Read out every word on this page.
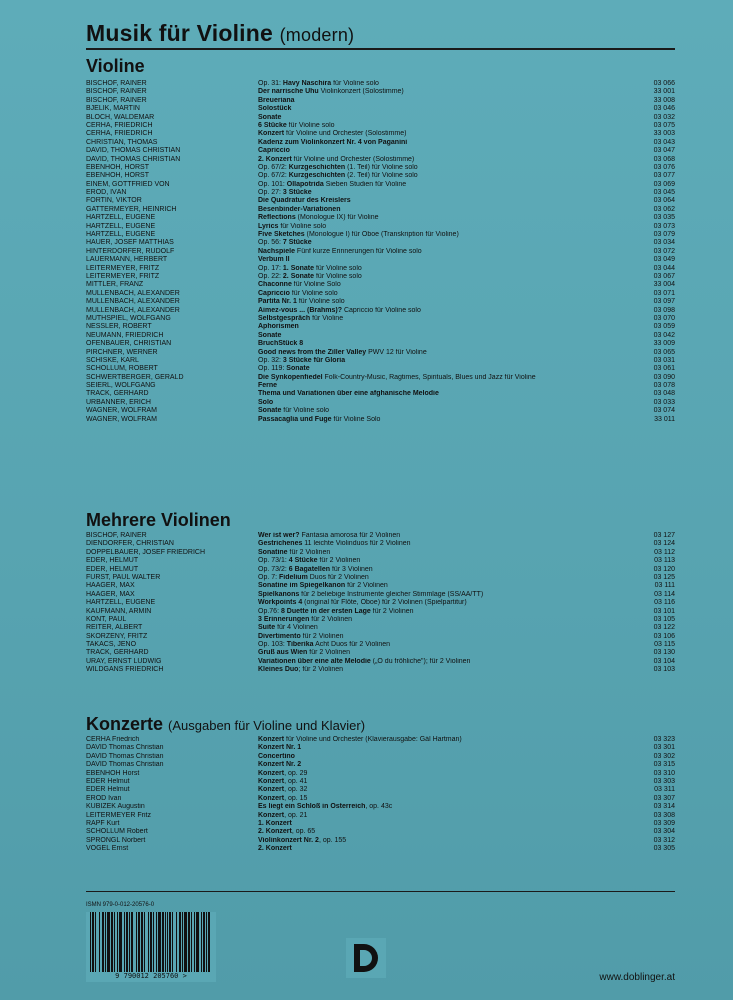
Musik für Violine (modern)
Violine
BISCHOF, RAINER	Op. 31: Havy Naschira für Violine solo	03 066
BISCHOF, RAINER	Der narrische Uhu Violinkonzert (Solostimme)	33 001
BISCHOF, RAINER	Breueriana	33 008
BJELIK, MARTIN	Solostück	03 046
BLOCH, WALDEMAR	Sonate	03 032
CERHA, FRIEDRICH	6 Stücke für Violine solo	03 075
CERHA, FRIEDRICH	Konzert für Violine und Orchester (Solostimme)	33 003
CHRISTIAN, THOMAS	Kadenz zum Violinkonzert Nr. 4 von Paganini	03 043
DAVID, THOMAS CHRISTIAN	Capriccio	03 047
DAVID, THOMAS CHRISTIAN	2. Konzert für Violine und Orchester (Solostimme)	03 068
EBENHÖH, HORST	Op. 67/2: Kurzgeschichten (1. Teil) für Violine solo	03 076
EBENHÖH, HORST	Op. 67/2: Kurzgeschichten (2. Teil) für Violine solo	03 077
EINEM, GOTTFRIED VON	Op. 101: Ollapotrida Sieben Studien für Violine	03 069
ERÖD, IVÁN	Op. 27: 3 Stücke	03 045
FORTIN, VIKTOR	Die Quadratur des Kreislers	03 064
GATTERMEYER, HEINRICH	Besenbinder-Variationen	03 062
HARTZELL, EUGENE	Reflections (Monologue IX) für Violine	03 035
HARTZELL, EUGENE	Lyrics für Violine solo	03 073
HARTZELL, EUGENE	Five Sketches (Monologue I) für Oboe (Transkription für Violine)	03 079
HAUER, JOSEF MATTHIAS	Op. 56: 7 Stücke	03 034
HINTERDORFER, RUDOLF	Nachspiele Fünf kurze Erinnerungen für Violine solo	03 072
LAUERMANN, HERBERT	Verbum II	03 049
LEITERMEYER, FRITZ	Op. 17: 1. Sonate für Violine solo	03 044
LEITERMEYER, FRITZ	Op. 22: 2. Sonate für Violine solo	03 067
MITTLER, FRANZ	Chaconne für Violine Solo	33 004
MÜLLENBACH, ALEXANDER	Capriccio für Violine solo	03 071
MÜLLENBACH, ALEXANDER	Partita Nr. 1 für Violine solo	03 097
MÜLLENBACH, ALEXANDER	Aimez-vous ... (Brahms)? Capriccio für Violine solo	03 098
MUTHSPIEL, WOLFGANG	Selbstgespräch für Violine	03 070
NESSLER, ROBERT	Aphorismen	03 059
NEUMANN, FRIEDRICH	Sonate	03 042
OFENBAUER, CHRISTIAN	BruchStück 8	33 009
PIRCHNER, WERNER	Good news from the Ziller Valley PWV 12 für Violine	03 065
SCHISKE, KARL	Op. 32: 3 Stücke für Gloria	03 031
SCHOLLUM, ROBERT	Op. 119: Sonate	03 061
SCHWERTBERGER, GERALD	Die Synkopenfiedel Folk-Country-Music, Ragtimes, Spirituals, Blues und Jazz für Violine	03 090
SEIERL, WOLFGANG	Ferne	03 078
TRACK, GERHARD	Thema und Variationen über eine afghanische Melodie	03 048
URBANNER, ERICH	Solo	03 033
WAGNER, WOLFRAM	Sonate für Violine solo	03 074
WAGNER, WOLFRAM	Passacaglia und Fuge für Violine Solo	33 011
Mehrere Violinen
BISCHOF, RAINER	Wer ist wer? Fantasia amorosa für 2 Violinen	03 127
DIENDORFER, CHRISTIAN	Gestrichenes 11 leichte Violinduos für 2 Violinen	03 124
DOPPELBAUER, JOSEF FRIEDRICH	Sonatine für 2 Violinen	03 112
EDER, HELMUT	Op. 73/1: 4 Stücke für 2 Violinen	03 113
EDER, HELMUT	Op. 73/2: 6 Bagatellen für 3 Violinen	03 120
FÜRST, PAUL WALTER	Op. 7: Fidelium Duos für 2 Violinen	03 125
HAAGER, MAX	Sonatine im Spiegelkanon für 2 Violinen	03 111
HAAGER, MAX	Spielkanons für 2 beliebige Instrumente gleicher Stimmlage (SS/AA/TT)	03 114
HARTZELL, EUGENE	Workpoints 4 (original für Flöte, Oboe) für 2 Violinen (Spielpartitur)	03 116
KAUFMANN, ARMIN	Op.76: 8 Duette in der ersten Lage für 2 Violinen	03 101
KONT, PAUL	3 Erinnerungen für 2 Violinen	03 105
REITER, ALBERT	Suite für 4 Violinen	03 122
SKORZENY, FRITZ	Divertimento für 2 Violinen	03 106
TAKÁCS, JENÖ	Op. 103: Tiberika Acht Duos für 2 Violinen	03 115
TRACK, GERHARD	Gruß aus Wien für 2 Violinen	03 130
URAY, ERNST LUDWIG	Variationen über eine alte Melodie („O du fröhliche"); für 2 Violinen	03 104
WILDGANS FRIEDRICH	Kleines Duo; für 2 Violinen	03 103
Konzerte (Ausgaben für Violine und Klavier)
CERHA Friedrich	Konzert für Violine und Orchester (Klavierausgabe: Gál Hartman)	03 323
DAVID Thomas Christian	Konzert Nr. 1	03 301
DAVID Thomas Christian	Concertino	03 302
DAVID Thomas Christian	Konzert Nr. 2	03 315
EBENHÖH Horst	Konzert, op. 29	03 310
EDER Helmut	Konzert, op. 41	03 303
EDER Helmut	Konzert, op. 32	03 311
ERÖD Ivan	Konzert, op. 15	03 307
KUBIZEK Augustin	Es liegt ein Schloß in Österreich, op. 43c	03 314
LEITERMEYER Fritz	Konzert, op. 21	03 308
RAPF Kurt	1. Konzert	03 309
SCHOLLUM Robert	2. Konzert, op. 65	03 304
SPRONGL Norbert	Violinkonzert Nr. 2, op. 155	03 312
VOGEL Ernst	2. Konzert	03 305
ISMN 979-0-012-20576-0
9 790012 205760 >	www.doblinger.at
